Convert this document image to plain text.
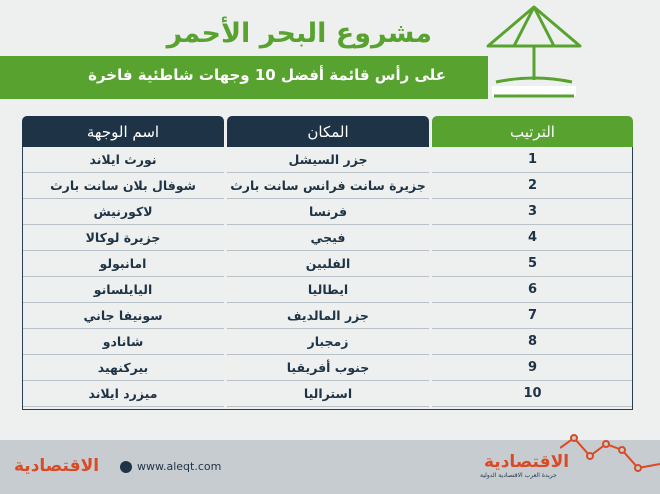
مشروع البحر الأحمر

على رأس قائمة أفضل 10 وجهات شاطئية فاخرة

اسم الوجهة		المكان		الترتيب
نورث ايلاند		جزر السيشل		1
شوفال بلان سانت بارث		جزيرة سانت فرانس سانت بارث		2
لاكورنيش		فرنسا		3
جزيرة لوكالا		فيجي		4
امانبولو		الفلبين		5
اليايلسانو		ايطاليا		6
سونيفا جاني		جزر المالديف		7
شانادو		زمجبار		8
بيركنهيد		جنوب أفريقيا		9
ميزرد ايلاند		استراليا		10
الاقتصادية	www.aleqt.com	الاقتصادية
جريدة العرب الاقتصادية الدولية
